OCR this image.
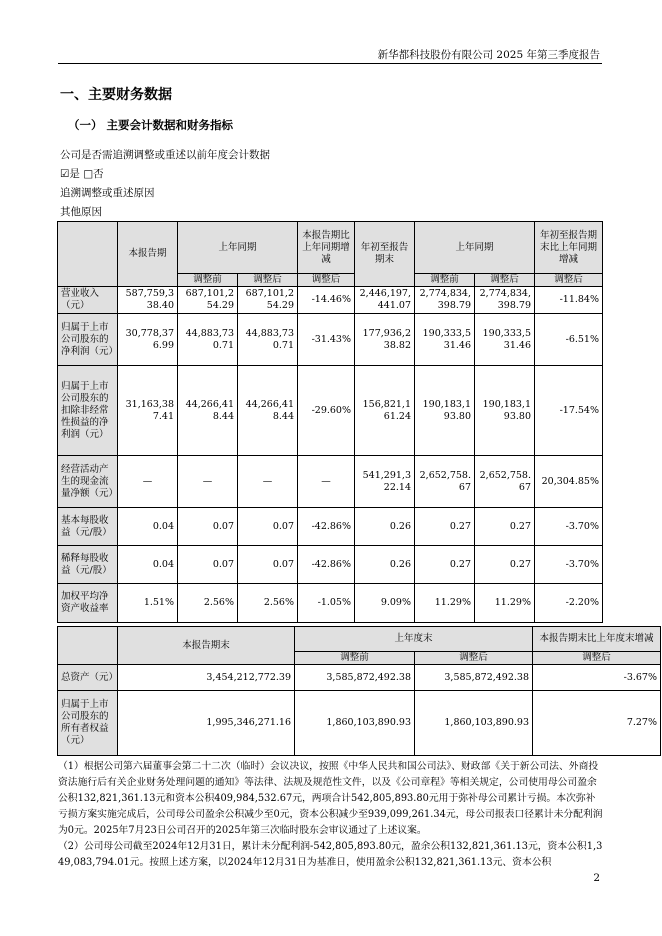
新华都科技股份有限公司 2025 年第三季度报告
一、主要财务数据
（一） 主要会计数据和财务指标
公司是否需追溯调整或重述以前年度会计数据
☑是 □否
追溯调整或重述原因
其他原因
	本报告期	上年同期		本报告期比上年同期增减	年初至报告期末	上年同期		年初至报告期末比上年同期增减
		调整前	调整后	调整后		调整前	调整后	调整后
营业收入（元）	587,759,338.40	687,101,254.29	687,101,254.29	-14.46%	2,446,197,441.07	2,774,834,398.79	2,774,834,398.79	-11.84%
归属于上市公司股东的净利润（元）	30,778,376.99	44,883,730.71	44,883,730.71	-31.43%	177,936,238.82	190,333,531.46	190,333,531.46	-6.51%
归属于上市公司股东的扣除非经常性损益的净利润（元）	31,163,387.41	44,266,418.44	44,266,418.44	-29.60%	156,821,161.24	190,183,193.80	190,183,193.80	-17.54%
经营活动产生的现金流量净额（元）	—	—	—	—	541,291,322.14	2,652,758.67	2,652,758.67	20,304.85%
基本每股收益（元/股）	0.04	0.07	0.07	-42.86%	0.26	0.27	0.27	-3.70%
稀释每股收益（元/股）	0.04	0.07	0.07	-42.86%	0.26	0.27	0.27	-3.70%
加权平均净资产收益率	1.51%	2.56%	2.56%	-1.05%	9.09%	11.29%	11.29%	-2.20%
	本报告期末	上年度末		本报告期末比上年度末增减
		调整前	调整后	调整后
总资产（元）	3,454,212,772.39	3,585,872,492.38	3,585,872,492.38	-3.67%
归属于上市公司股东的所有者权益（元）	1,995,346,271.16	1,860,103,890.93	1,860,103,890.93	7.27%
（1）根据公司第六届董事会第二十二次（临时）会议决议，按照《中华人民共和国公司法》、财政部《关于新公司法、外商投资法施行后有关企业财务处理问题的通知》等法律、法规及规范性文件，以及《公司章程》等相关规定，公司使用母公司盈余公积132,821,361.13元和资本公积409,984,532.67元，两项合计542,805,893.80元用于弥补母公司累计亏损。本次弥补亏损方案实施完成后，公司母公司盈余公积减少至0元，资本公积减少至939,099,261.34元，母公司报表口径累计未分配利润为0元。2025年7月23日公司召开的2025年第三次临时股东会审议通过了上述议案。
（2）公司母公司截至2024年12月31日，累计未分配利润-542,805,893.80元，盈余公积132,821,361.13元，资本公积1,349,083,794.01元。按照上述方案，以2024年12月31日为基准日，使用盈余公积132,821,361.13元、资本公积
2
